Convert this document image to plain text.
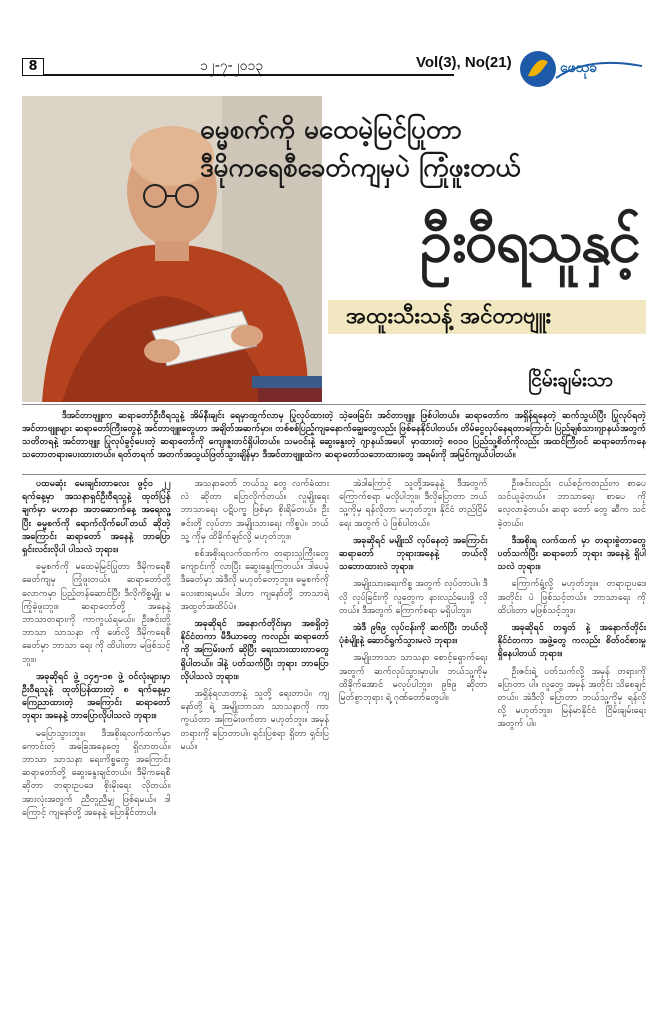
8	၁၂-၇-၂၀၁၃	Vol(3), No(21)	ဖေသုခ
ဓမ္မစက်ကို မထေမဲ့မြင်ပြုတာ
ဒီမိုကရေစီခေတ်ကျမှပဲ ကြုံဖူးတယ်
ဦးဝီရသူနှင့်
အထူးသီးသန့် အင်တာဗျူး
ငြိမ်းချမ်းသာ
ဒီအင်တာဗျူးက ဆရာတော်ဦးဝီရသူနဲ့ အိမ်နီးချင်း ရေမှာထွက်လာမှ ပြုလုပ်ထားတဲ့ သဲ့ဖေခြင်း အင်တာဗျူး ဖြစ်ပါတယ်။ ဆရာတော်က အရှိန်ရနေတဲ့ ဆက်သွယ်ပြီး ပြုလုပ်ရတဲ့ အင်တာဗျူးများ ဆရာတော်ကြီးတွေနဲ့ အင်တာဗျူးတွေဟာ အချိတ်အဆက်မှာ။ တစ်စစ်ပြည့်ကျခနောက်ချွေတွေလည်း ဖြစ်နေနိုင်ပါတယ်။ တိမ်ငွေလုပ်နေရတာကြောင်း ပြည်ချစ်သားဂျာနယ်အတွက် သတိတရနဲ့ အင်တာဗျူး ပြုလုပ်ခွင့်ပေးတဲ့ ဆရာတော်ကို ကျေးဇူးတင်ရှိပါတယ်။ သမဝင်းနဲ့ ဆွေးနွေးတဲ့ ဂျာနယ်အပေါ် မှာထားတဲ့ ၈၀၁၀ ပြည်သူ့စိတ်ကိုလည်း အထင်ကြီးဝင် ဆရာတော်ကနေ သဘောတရားပေးထားတယ်။ ရတ်တရက် အတက်အသွယ်ဖြတ်သွားချိန်မှာ ဒီအင်တာဗျူးထဲက ဆရာတော်သဘောထားတွေ အရမ်းကို အမြင်ကျယ်ပါတယ်။

ပထမဆုံး မေးချင်းတာလေး ဖွင့်ဝ ၂၂ ရက်နေ့မှာ အသနာရှင်ဦးဝီရသူနဲ့ ထုတ်ပြန်ချက်မှာ မဟာနာ အဘဆောက်နေ့ အရေးလူ့ပြီး ဓမ္မစက်ကို ရောက်လိုက်ပေါ်တယ် ဆိုတဲ့ အကြောင်း ဆရာတော် အနေနဲ့ ဘာပြော ရှင်းလင်းလိုပါ ပါသလဲ ဘုရား။

ဓမ္မစက်ကို မထေမဲ့မြင်ပြုတာ ဒီမိုကရေစီခေတ်ကျမှ ကြုံဖူးတယ်။ ဆရာတော်တို့ လောကမှာ ပြည့်တန်ဆောင်ပြီး ဒီလိုကိစ္စမျိုး မကြုံခဲ့ဖူးဘူး။ ဆရာတော်တို့ အနေနဲ့ ဘာသာတရားကို ကာကွယ်ရမယ်။ ဦးဇင်းတို့ ဘာသာ သာသနာ ကို ဖော်လို့ ဒီမိုကရေစီခေတ်မှာ ဘာသာ ရေး ကို ထိပါးတာ မဖြစ်သင့်ဘူး။

အခုဆိုရင် ဖွဲ့ ၁၄၅-၁၈ ဖွဲ့ ဝင်လုံးများမှာ ဦးဝီရသူနဲ့ ထုတ်ပြန်ထားတဲ့ ၈ ရက်နေ့မှာ ကြေညာထားတဲ့ အကြောင်း ဆရာတော် ဘုရား အနေနဲ့ ဘာပြောလိုပါသလဲ ဘုရား။

မပြောသွားဘူး။ ဒီအစိုးရလက်ထက်မှာ ကောင်းတဲ့ အခြေအနေတွေ ရှိလာတယ်။ ဘာသာ သာသနာ ရေးကိစ္စတွေ အကြောင်း ဆရာတော်တို့ ဆွေးနွေးချင်တယ်။ ဒီမိုကရေစီဆိုတာ တရားဥပဒေ စိုးမိုးရေး လိုတယ်။ အားလုံးအတွက် ညီတူညီမျှ ဖြစ်ရမယ်။ ဒါကြောင့် ကျနော်တို့ အနေနဲ့ ပြောနိုင်တာပါ။

အသနာတော် ဘယ်သူ တွေ လက်ခံထားလဲ ဆိုတာ ပြောလိုက်တယ်။ လူမျိုးရေး ဘာသာရေး ပဋိပက္ခ ဖြစ်မှာ စိုးရိမ်တယ်။ ဦးဇင်းတို့ လုပ်တာ အမျိုးသားရေး ကိစ္စပဲ။ ဘယ်သူ့ ကိုမှ ထိခိုက်ချင်လို့ မဟုတ်ဘူး။

စစ်အစိုးရလက်ထက်က တရားသူကြီးတွေ ကျောင်းကို လာပြီး ဆွေးနွေးကြတယ်။ ဒါပေမဲ့ ဒီခေတ်မှာ အဲဒီလို မဟုတ်တော့ဘူး။ ဓမ္မစက်ကို လေးစားရမယ်။ ဒါဟာ ကျနော်တို့ ဘာသာရဲ့ အထွတ်အထိပ်ပဲ။

အခုဆိုရင် အနောက်တိုင်းမှာ အစရှိတဲ့ နိုင်ငံတကာ မီဒီယာတွေ ကလည်း ဆရာတော်ကို အကြမ်းဖက် ဆိုပြီး ရေးသားထားတာတွေ ရှိပါတယ်။ ဒါနဲ့ ပတ်သက်ပြီး ဘုရား ဘာပြောလိုပါသလဲ ဘုရား။

အရှိန်ရလာတာနဲ့ သူတို့ ရေးတာပဲ။ ကျနော်တို့ ရဲ့ အမျိုးဘာသာ သာသနာကို ကာကွယ်တာ အကြမ်းဖက်တာ မဟုတ်ဘူး။ အမှန်တရားကို ပြောတာပါ။ ရှင်းပြစရာ ရှိတာ ရှင်းပြမယ်။

အဲဒါကြောင့် သူတို့အနေနဲ့ ဒီအတွက် ကြောက်စရာ မလိုပါဘူး။ ဒီလိုပြောတာ ဘယ်သူ့ကိုမှ ရန်လိုတာ မဟုတ်ဘူး။ နိုင်ငံ တည်ငြိမ်ရေး အတွက် ပဲ ဖြစ်ပါတယ်။

အခုဆိုရင် မမျိုးသိ လုပ်နေတဲ့ အကြောင်း ဆရာတော် ဘုရားအနေနဲ့ ဘယ်လိုသဘောထားလဲ ဘုရား။

အမျိုးသားရေးကိစ္စ အတွက် လုပ်တာပါ။ ဒီလို လုပ်ခြင်းကို လူတွေက နားလည်ပေးဖို့ လိုတယ်။ ဒီအတွက် ကြောက်စရာ မရှိပါဘူး။

အဲဒီ ၉၆၉ လုပ်ငန်းကို ဆက်ပြီး ဘယ်လို ပုံစံမျိုးနဲ့ ဆောင်ရွက်သွားမလဲ ဘုရား။

အမျိုးဘာသာ သာသနာ စောင့်ရှောက်ရေး အတွက် ဆက်လုပ်သွားမှာပါ။ ဘယ်သူ့ကိုမှ ထိခိုက်အောင် မလုပ်ပါဘူး။ ၉၆၉ ဆိုတာ မြတ်စွာဘုရား ရဲ့ ဂုဏ်တော်တွေပါ။

ဦးဇင်းလည်း ငယ်စဉ်ကတည်းက စာပေ သင်ယူခဲ့တယ်။ ဘာသာရေး စာပေ ကို လေ့လာခဲ့တယ်။ ဆရာ တော် တွေ ဆီက သင်ခဲ့တယ်။

ဒီအစိုးရ လက်ထက် မှာ တရားစွဲတာတွေ ပတ်သက်ပြီး ဆရာတော် ဘုရား အနေနဲ့ ရှိပါသလဲ ဘုရား။

ကြောက်ရွံ့လို့ မဟုတ်ဘူး။ တရားဥပဒေ အတိုင်း ပဲ ဖြစ်သင့်တယ်။ ဘာသာရေး ကို ထိပါးတာ မဖြစ်သင့်ဘူး။

အခုဆိုရင် တရုတ် နဲ့ အနောက်တိုင်း နိုင်ငံတကာ အဖွဲ့တွေ ကလည်း စိတ်ဝင်စားမှု ရှိနေပါတယ် ဘုရား။

ဦးဇင်းရဲ့ ပတ်သက်လို့ အမှန် တရားကို ပြောတာ ပါ။ လူတွေ အမှန် အတိုင်း သိစေချင်တယ်။ အဲဒီလို ပြောတာ ဘယ်သူ့ကိုမှ ရန်လို လို့ မဟုတ်ဘူး။ မြန်မာနိုင်ငံ ငြိမ်းချမ်းရေး အတွက် ပါ။
